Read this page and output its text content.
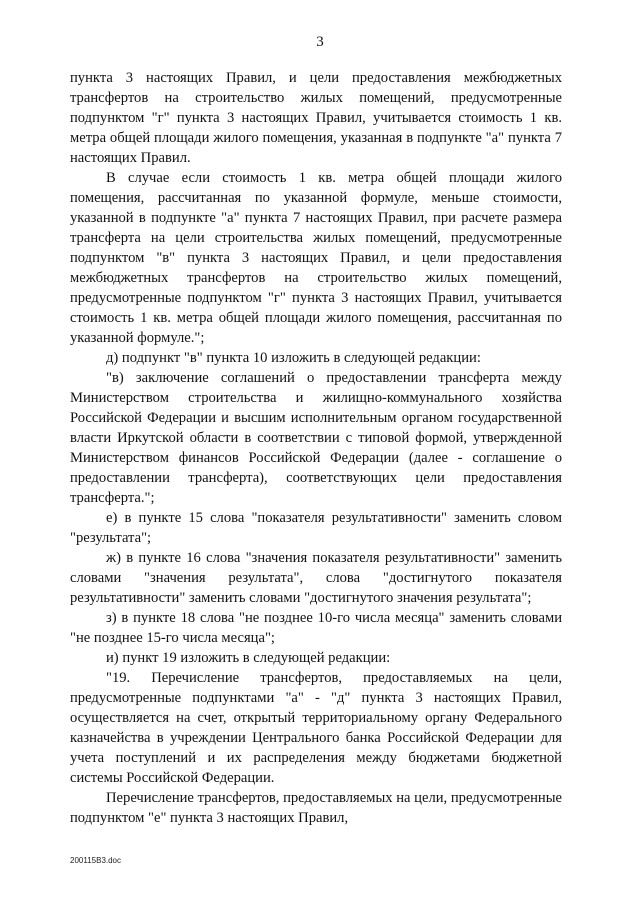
3

пункта 3 настоящих Правил, и цели предоставления межбюджетных трансфертов на строительство жилых помещений, предусмотренные подпунктом "г" пункта 3 настоящих Правил, учитывается стоимость 1 кв. метра общей площади жилого помещения, указанная в подпункте "а" пункта 7 настоящих Правил.

В случае если стоимость 1 кв. метра общей площади жилого помещения, рассчитанная по указанной формуле, меньше стоимости, указанной в подпункте "а" пункта 7 настоящих Правил, при расчете размера трансферта на цели строительства жилых помещений, предусмотренные подпунктом "в" пункта 3 настоящих Правил, и цели предоставления межбюджетных трансфертов на строительство жилых помещений, предусмотренные подпунктом "г" пункта 3 настоящих Правил, учитывается стоимость 1 кв. метра общей площади жилого помещения, рассчитанная по указанной формуле.";

д) подпункт "в" пункта 10 изложить в следующей редакции:

"в) заключение соглашений о предоставлении трансферта между Министерством строительства и жилищно-коммунального хозяйства Российской Федерации и высшим исполнительным органом государственной власти Иркутской области в соответствии с типовой формой, утвержденной Министерством финансов Российской Федерации (далее - соглашение о предоставлении трансферта), соответствующих цели предоставления трансферта.";

е) в пункте 15 слова "показателя результативности" заменить словом "результата";

ж) в пункте 16 слова "значения показателя результативности" заменить словами "значения результата", слова "достигнутого показателя результативности" заменить словами "достигнутого значения результата";

з) в пункте 18 слова "не позднее 10-го числа месяца" заменить словами "не позднее 15-го числа месяца";

и) пункт 19 изложить в следующей редакции:

"19. Перечисление трансфертов, предоставляемых на цели, предусмотренные подпунктами "а" - "д" пункта 3 настоящих Правил, осуществляется на счет, открытый территориальному органу Федерального казначейства в учреждении Центрального банка Российской Федерации для учета поступлений и их распределения между бюджетами бюджетной системы Российской Федерации.

Перечисление трансфертов, предоставляемых на цели, предусмотренные подпунктом "е" пункта 3 настоящих Правил,

200115В3.doc
